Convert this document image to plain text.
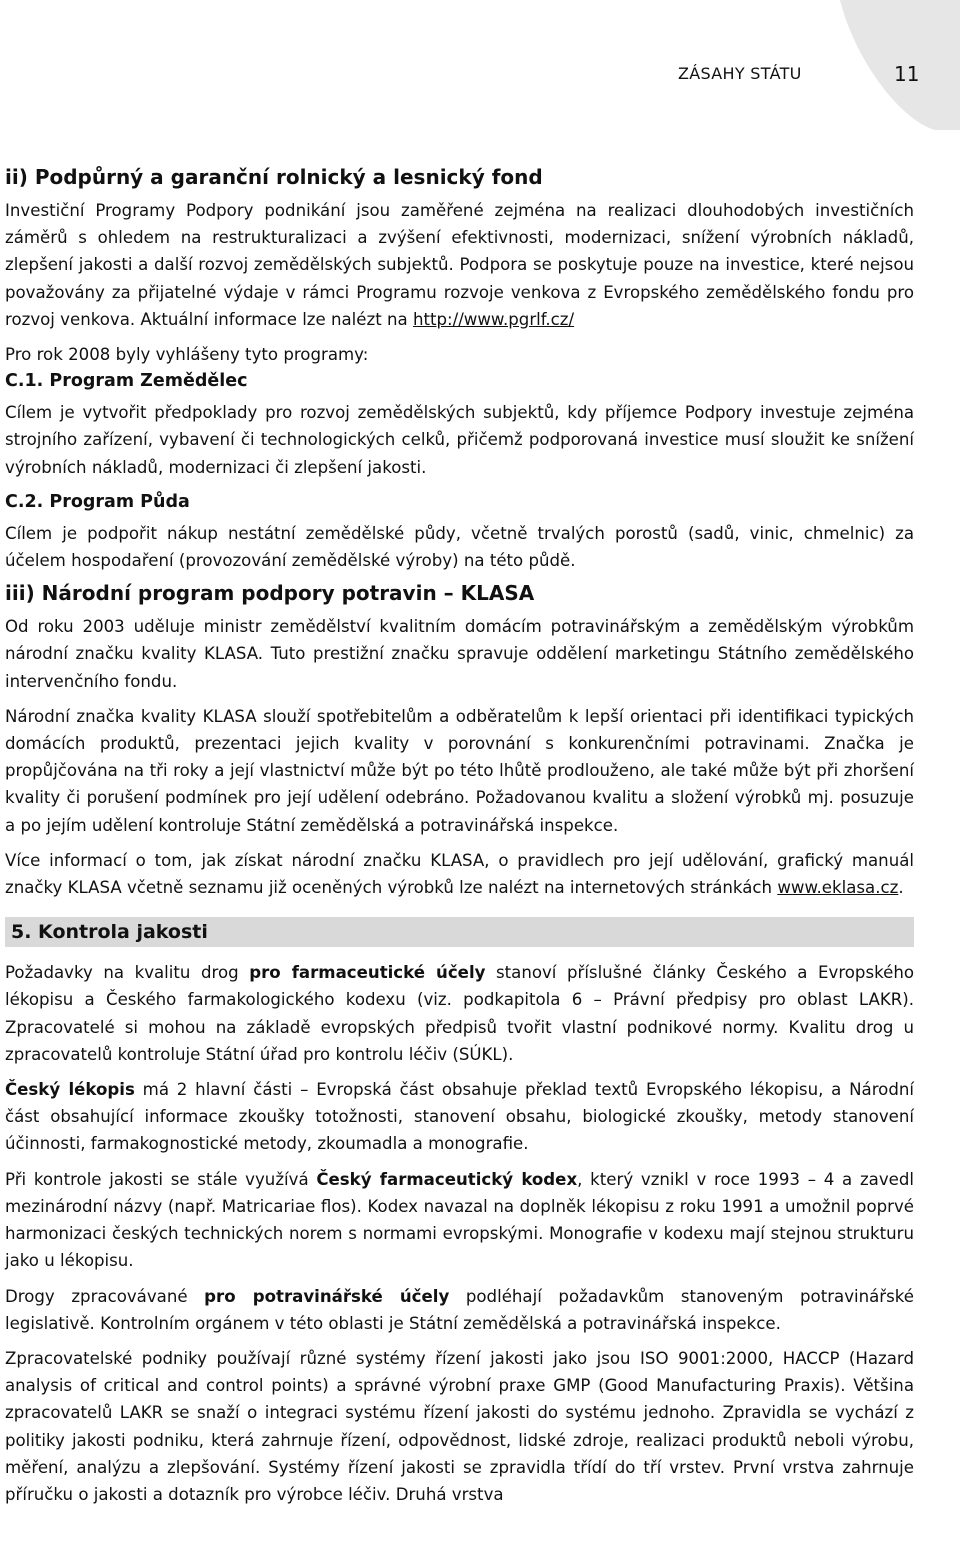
ZÁSAHY STÁTU	11
ii) Podpůrný a garanční rolnický a lesnický fond

Investiční Programy Podpory podnikání jsou zaměřené zejména na realizaci dlouhodobých investičních záměrů s ohledem na restrukturalizaci a zvýšení efektivnosti, modernizaci, snížení výrobních nákladů, zlepšení jakosti a další rozvoj zemědělských subjektů. Podpora se poskytuje pouze na investice, které nejsou považovány za přijatelné výdaje v rámci Programu rozvoje venkova z Evropského zemědělského fondu pro rozvoj venkova. Aktuální informace lze nalézt na http://www.pgrlf.cz/

Pro rok 2008 byly vyhlášeny tyto programy:

C.1. Program Zemědělec

Cílem je vytvořit předpoklady pro rozvoj zemědělských subjektů, kdy příjemce Podpory investuje zejména strojního zařízení, vybavení či technologických celků, přičemž podporovaná investice musí sloužit ke snížení výrobních nákladů, modernizaci či zlepšení jakosti.

C.2. Program Půda

Cílem je podpořit nákup nestátní zemědělské půdy, včetně trvalých porostů (sadů, vinic, chmelnic) za účelem hospodaření (provozování zemědělské výroby) na této půdě.

iii) Národní program podpory potravin – KLASA

Od roku 2003 uděluje ministr zemědělství kvalitním domácím potravinářským a zemědělským výrobkům národní značku kvality KLASA. Tuto prestižní značku spravuje oddělení marketingu Státního zemědělského intervenčního fondu.

Národní značka kvality KLASA slouží spotřebitelům a odběratelům k lepší orientaci při identifikaci typických domácích produktů, prezentaci jejich kvality v porovnání s konkurenčními potravinami. Značka je propůjčována na tři roky a její vlastnictví může být po této lhůtě prodlouženo, ale také může být při zhoršení kvality či porušení podmínek pro její udělení odebráno. Požadovanou kvalitu a složení výrobků mj. posuzuje a po jejím udělení kontroluje Státní zemědělská a potravinářská inspekce.

Více informací o tom, jak získat národní značku KLASA, o pravidlech pro její udělování, grafický manuál značky KLASA včetně seznamu již oceněných výrobků lze nalézt na internetových stránkách www.eklasa.cz.

5. Kontrola jakosti

Požadavky na kvalitu drog pro farmaceutické účely stanoví příslušné články Českého a Evropského lékopisu a Českého farmakologického kodexu (viz. podkapitola 6 – Právní předpisy pro oblast LAKR). Zpracovatelé si mohou na základě evropských předpisů tvořit vlastní podnikové normy. Kvalitu drog u zpracovatelů kontroluje Státní úřad pro kontrolu léčiv (SÚKL).

Český lékopis má 2 hlavní části – Evropská část obsahuje překlad textů Evropského lékopisu, a Národní část obsahující informace zkoušky totožnosti, stanovení obsahu, biologické zkoušky, metody stanovení účinnosti, farmakognostické metody, zkoumadla a monografie.

Při kontrole jakosti se stále využívá Český farmaceutický kodex, který vznikl v roce 1993 – 4 a zavedl mezinárodní názvy (např. Matricariae flos). Kodex navazal na doplněk lékopisu z roku 1991 a umožnil poprvé harmonizaci českých technických norem s normami evropskými. Monografie v kodexu mají stejnou strukturu jako u lékopisu.

Drogy zpracovávané pro potravinářské účely podléhají požadavkům stanoveným potravinářské legislativě. Kontrolním orgánem v této oblasti je Státní zemědělská a potravinářská inspekce.

Zpracovatelské podniky používají různé systémy řízení jakosti jako jsou ISO 9001:2000, HACCP (Hazard analysis of critical and control points) a správné výrobní praxe GMP (Good Manufacturing Praxis). Většina zpracovatelů LAKR se snaží o integraci systému řízení jakosti do systému jednoho. Zpravidla se vychází z politiky jakosti podniku, která zahrnuje řízení, odpovědnost, lidské zdroje, realizaci produktů neboli výrobu, měření, analýzu a zlepšování. Systémy řízení jakosti se zpravidla třídí do tří vrstev. První vrstva zahrnuje příručku o jakosti a dotazník pro výrobce léčiv. Druhá vrstva
